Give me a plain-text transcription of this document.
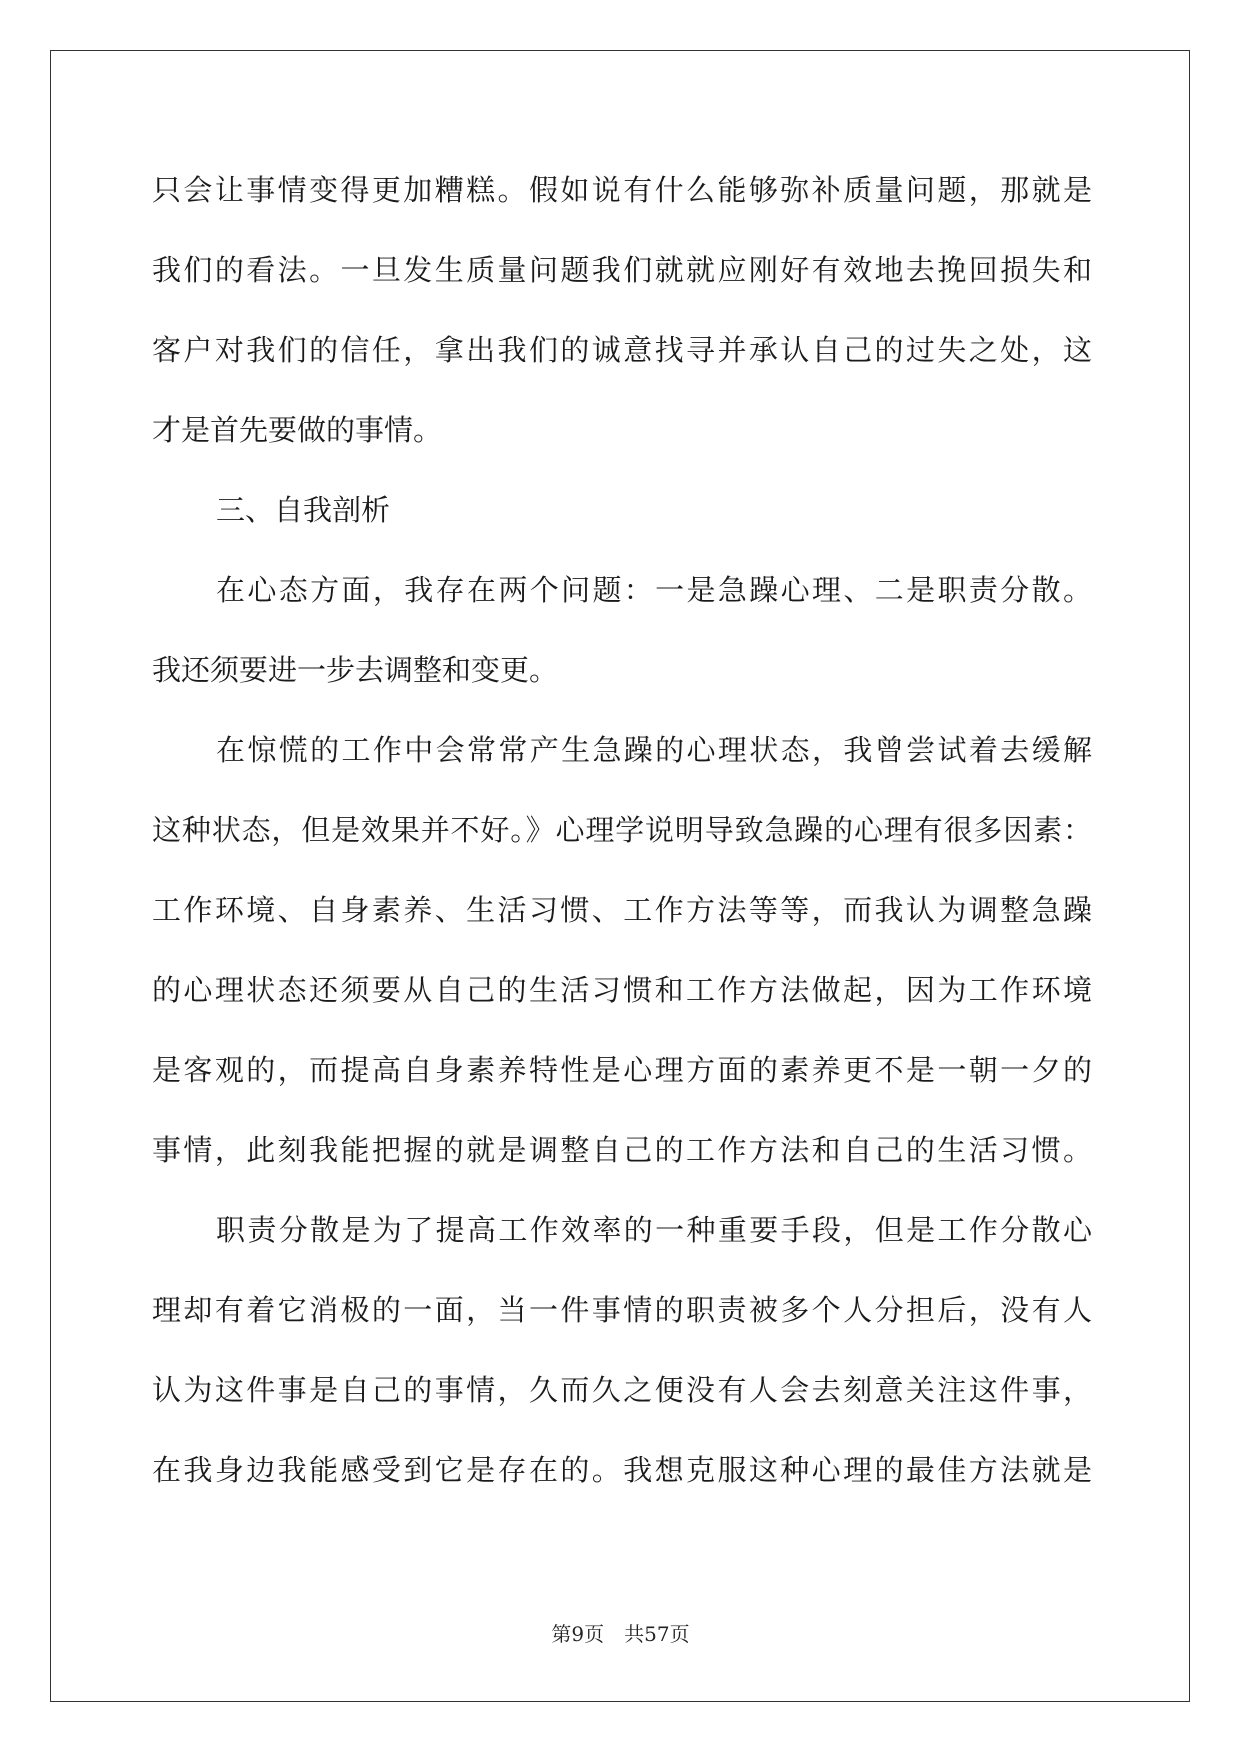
只会让事情变得更加糟糕。假如说有什么能够弥补质量问题，那就是
我们的看法。一旦发生质量问题我们就就应刚好有效地去挽回损失和
客户对我们的信任，拿出我们的诚意找寻并承认自己的过失之处，这
才是首先要做的事情。
三、自我剖析
在心态方面，我存在两个问题：一是急躁心理、二是职责分散。
我还须要进一步去调整和变更。
在惊慌的工作中会常常产生急躁的心理状态，我曾尝试着去缓解
这种状态，但是效果并不好。》心理学说明导致急躁的心理有很多因素：
工作环境、自身素养、生活习惯、工作方法等等，而我认为调整急躁
的心理状态还须要从自己的生活习惯和工作方法做起，因为工作环境
是客观的，而提高自身素养特性是心理方面的素养更不是一朝一夕的
事情，此刻我能把握的就是调整自己的工作方法和自己的生活习惯。
职责分散是为了提高工作效率的一种重要手段，但是工作分散心
理却有着它消极的一面，当一件事情的职责被多个人分担后，没有人
认为这件事是自己的事情，久而久之便没有人会去刻意关注这件事，
在我身边我能感受到它是存在的。我想克服这种心理的最佳方法就是
第9页 共57页
